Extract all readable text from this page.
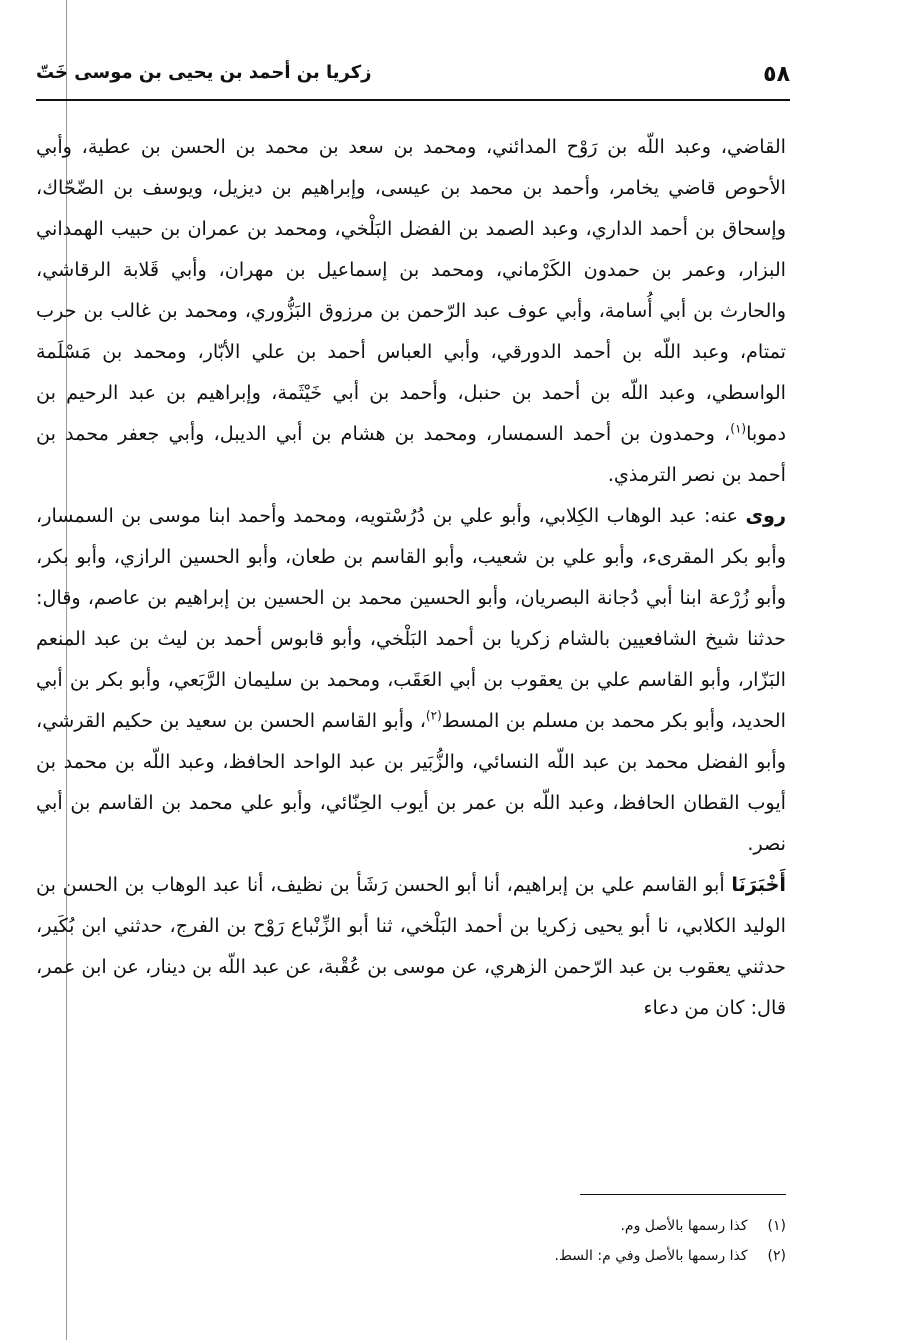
٥٨
زكريا بن أحمد بن يحيى بن موسى خَتّ

القاضي، وعبد اللّه بن رَوْح المدائني، ومحمد بن سعد بن محمد بن الحسن بن عطية، وأبي الأحوص قاضي يخامر، وأحمد بن محمد بن عيسى، وإبراهيم بن ديزيل، ويوسف بن الضّحّاك، وإسحاق بن أحمد الداري، وعبد الصمد بن الفضل البَلْخي، ومحمد بن عمران بن حبيب الهمداني البزار، وعمر بن حمدون الكَرْماني، ومحمد بن إسماعيل بن مهران، وأبي قَلابة الرقاشي، والحارث بن أبي أُسامة، وأبي عوف عبد الرّحمن بن مرزوق البَزُّوري، ومحمد بن غالب بن حرب تمتام، وعبد اللّه بن أحمد الدورقي، وأبي العباس أحمد بن علي الأبّار، ومحمد بن مَسْلَمة الواسطي، وعبد اللّه بن أحمد بن حنبل، وأحمد بن أبي خَيْثَمة، وإبراهيم بن عبد الرحيم بن دموبا$^{(١)}$، وحمدون بن أحمد السمسار، ومحمد بن هشام بن أبي الديبل، وأبي جعفر محمد بن أحمد بن نصر الترمذي.

روى عنه: عبد الوهاب الكِلابي، وأبو علي بن دُرُسْتويه، ومحمد وأحمد ابنا موسى بن السمسار، وأبو بكر المقرىء، وأبو علي بن شعيب، وأبو القاسم بن طعان، وأبو الحسين الرازي، وأبو بكر، وأبو زُرْعة ابنا أبي دُجانة البصريان، وأبو الحسين محمد بن الحسين بن إبراهيم بن عاصم، وقال: حدثنا شيخ الشافعيين بالشام زكريا بن أحمد البَلْخي، وأبو قابوس أحمد بن ليث بن عبد المنعم البَزّار، وأبو القاسم علي بن يعقوب بن أبي العَقَب، ومحمد بن سليمان الرَّبَعي، وأبو بكر بن أبي الحديد، وأبو بكر محمد بن مسلم بن المسط$^{(٢)}$، وأبو القاسم الحسن بن سعيد بن حكيم القرشي، وأبو الفضل محمد بن عبد اللّه النسائي، والزُّبَير بن عبد الواحد الحافظ، وعبد اللّه بن محمد بن أيوب القطان الحافظ، وعبد اللّه بن عمر بن أيوب الحِنّائي، وأبو علي محمد بن القاسم بن أبي نصر.

أَخْبَرَنَا أبو القاسم علي بن إبراهيم، أنا أبو الحسن رَشَأ بن نظيف، أنا عبد الوهاب بن الحسن بن الوليد الكلابي، نا أبو يحيى زكريا بن أحمد البَلْخي، ثنا أبو الزِّنْباع رَوْح بن الفرج، حدثني ابن بُكَير، حدثني يعقوب بن عبد الرّحمن الزهري، عن موسى بن عُقْبة، عن عبد اللّه بن دينار، عن ابن عمر، قال: كان من دعاء

(١) كذا رسمها بالأصل وم.
(٢) كذا رسمها بالأصل وفي م: السط.
